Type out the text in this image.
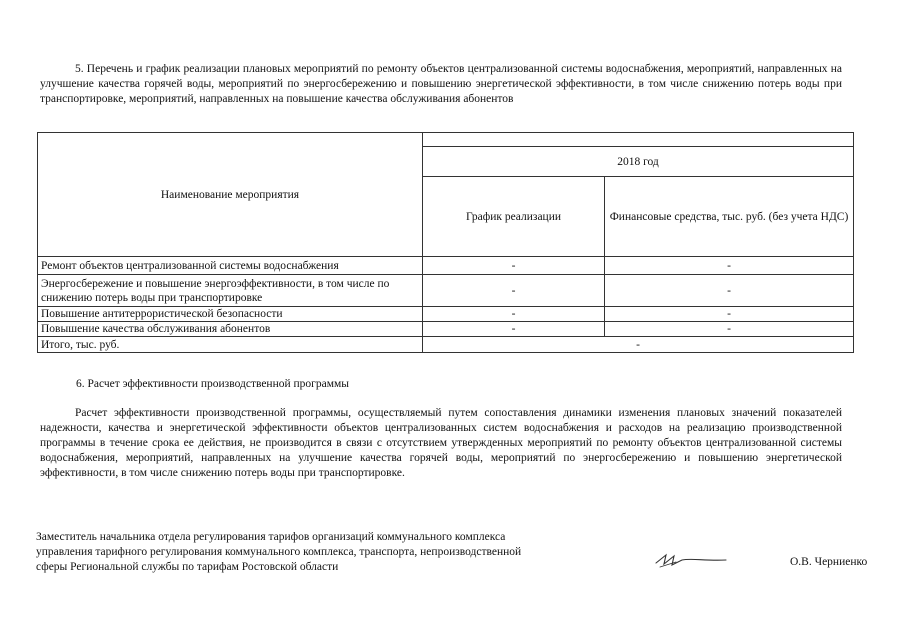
5. Перечень и график реализации плановых мероприятий по ремонту объектов централизованной системы водоснабжения, мероприятий, направленных на улучшение качества горячей воды, мероприятий по энергосбережению и повышению энергетической эффективности, в том числе снижению потерь воды при транспортировке, мероприятий, направленных на повышение качества обслуживания абонентов
Наименование мероприятия		
	2018 год	
	График реализации	Финансовые средства, тыс. руб. (без учета НДС)
Ремонт объектов централизованной системы водоснабжения	-	-
Энергосбережение и повышение энергоэффективности, в том числе по снижению потерь воды при транспортировке	-	-
Повышение антитеррористической безопасности	-	-
Повышение качества обслуживания абонентов	-	-
Итого, тыс. руб.	-	
6. Расчет эффективности производственной программы
Расчет эффективности производственной программы, осуществляемый путем сопоставления динамики изменения плановых значений показателей надежности, качества и энергетической эффективности объектов централизованных систем водоснабжения и расходов на реализацию производственной программы в течение срока ее действия, не производится в связи с отсутствием утвержденных мероприятий по ремонту объектов централизованной системы водоснабжения, мероприятий, направленных на улучшение качества горячей воды, мероприятий по энергосбережению и повышению энергетической эффективности, в том числе снижению потерь воды при транспортировке.
Заместитель начальника отдела регулирования тарифов организаций коммунального комплекса
управления тарифного регулирования коммунального комплекса, транспорта, непроизводственной
сферы Региональной службы по тарифам Ростовской области	О.В. Черниенко
